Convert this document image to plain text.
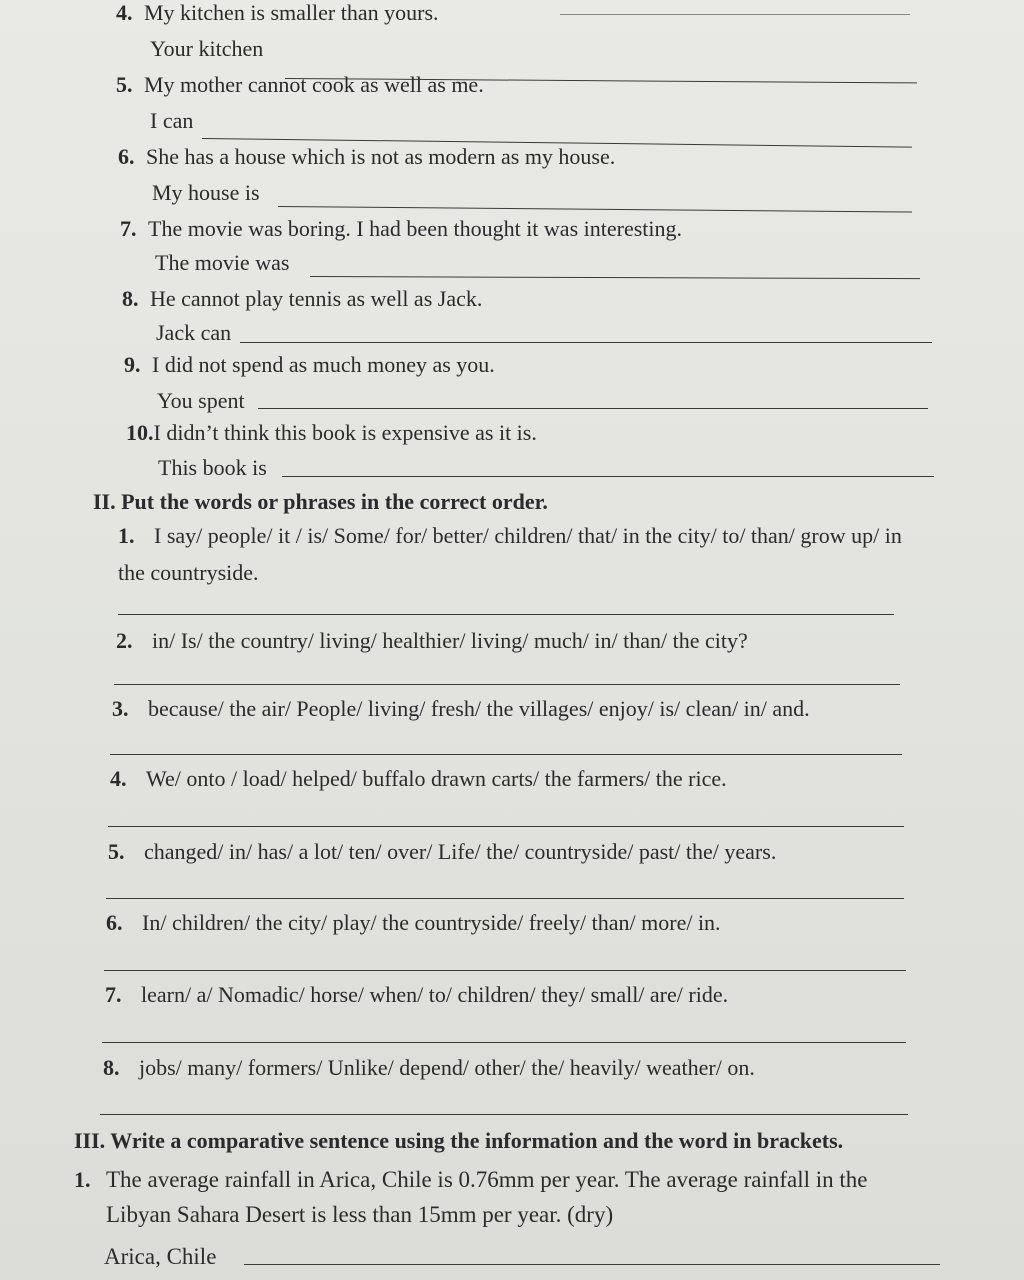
4. My kitchen is smaller than yours.
Your kitchen
5. My mother cannot cook as well as me.
I can
6. She has a house which is not as modern as my house.
My house is
7. The movie was boring. I had been thought it was interesting.
The movie was
8. He cannot play tennis as well as Jack.
Jack can
9. I did not spend as much money as you.
You spent
10.I didn’t think this book is expensive as it is.
This book is
II. Put the words or phrases in the correct order.
1. I say/ people/ it / is/ Some/ for/ better/ children/ that/ in the city/ to/ than/ grow up/ in
the countryside.
2. in/ Is/ the country/ living/ healthier/ living/ much/ in/ than/ the city?
3. because/ the air/ People/ living/ fresh/ the villages/ enjoy/ is/ clean/ in/ and.
4. We/ onto / load/ helped/ buffalo drawn carts/ the farmers/ the rice.
5. changed/ in/ has/ a lot/ ten/ over/ Life/ the/ countryside/ past/ the/ years.
6. In/ children/ the city/ play/ the countryside/ freely/ than/ more/ in.
7. learn/ a/ Nomadic/ horse/ when/ to/ children/ they/ small/ are/ ride.
8. jobs/ many/ formers/ Unlike/ depend/ other/ the/ heavily/ weather/ on.
III. Write a comparative sentence using the information and the word in brackets.
1. The average rainfall in Arica, Chile is 0.76mm per year. The average rainfall in the
Libyan Sahara Desert is less than 15mm per year. (dry)
Arica, Chile
